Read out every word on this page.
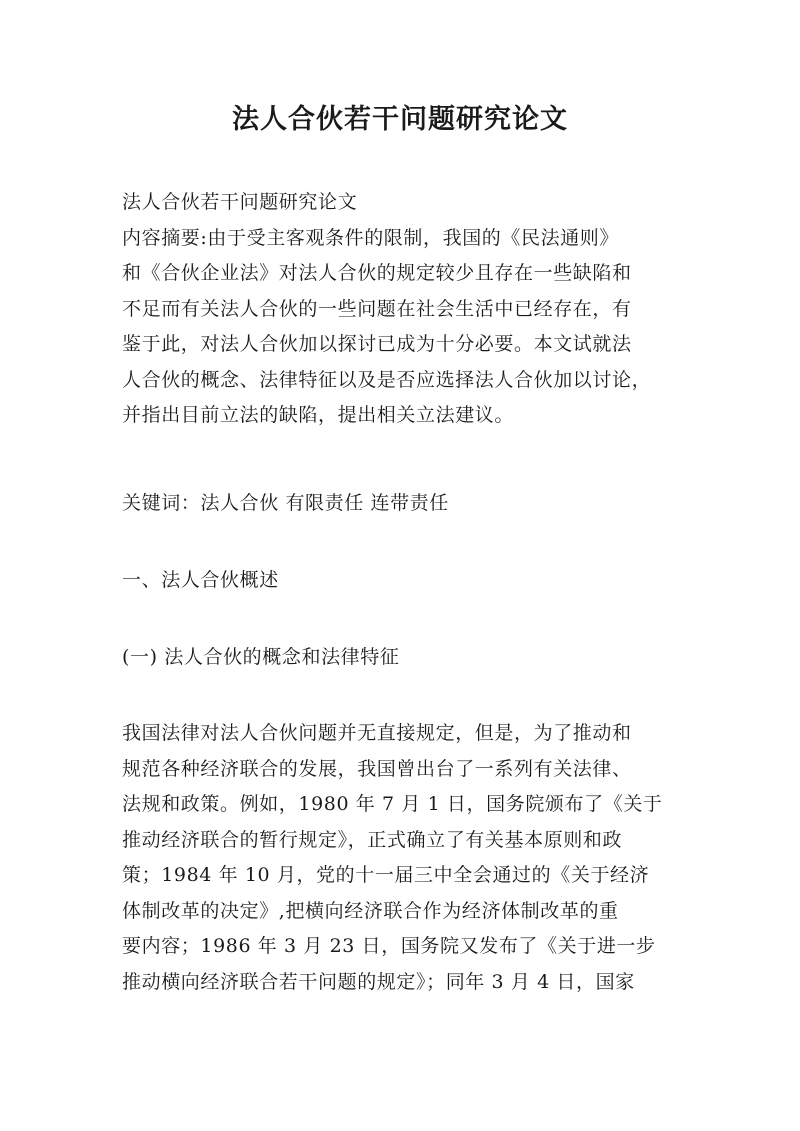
法人合伙若干问题研究论文
法人合伙若干问题研究论文
内容摘要:由于受主客观条件的限制，我国的《民法通则》
和《合伙企业法》对法人合伙的规定较少且存在一些缺陷和
不足而有关法人合伙的一些问题在社会生活中已经存在，有
鉴于此，对法人合伙加以探讨已成为十分必要。本文试就法
人合伙的概念、法律特征以及是否应选择法人合伙加以讨论，
并指出目前立法的缺陷，提出相关立法建议。
关键词：法人合伙 有限责任 连带责任
一、法人合伙概述
(一) 法人合伙的概念和法律特征
我国法律对法人合伙问题并无直接规定，但是，为了推动和
规范各种经济联合的发展，我国曾出台了一系列有关法律、
法规和政策。例如，1980 年 7 月 1 日，国务院颁布了《关于
推动经济联合的暂行规定》，正式确立了有关基本原则和政
策；1984 年 10 月，党的十一届三中全会通过的《关于经济
体制改革的决定》,把横向经济联合作为经济体制改革的重
要内容；1986 年 3 月 23 日，国务院又发布了《关于进一步
推动横向经济联合若干问题的规定》；同年 3 月 4 日，国家
